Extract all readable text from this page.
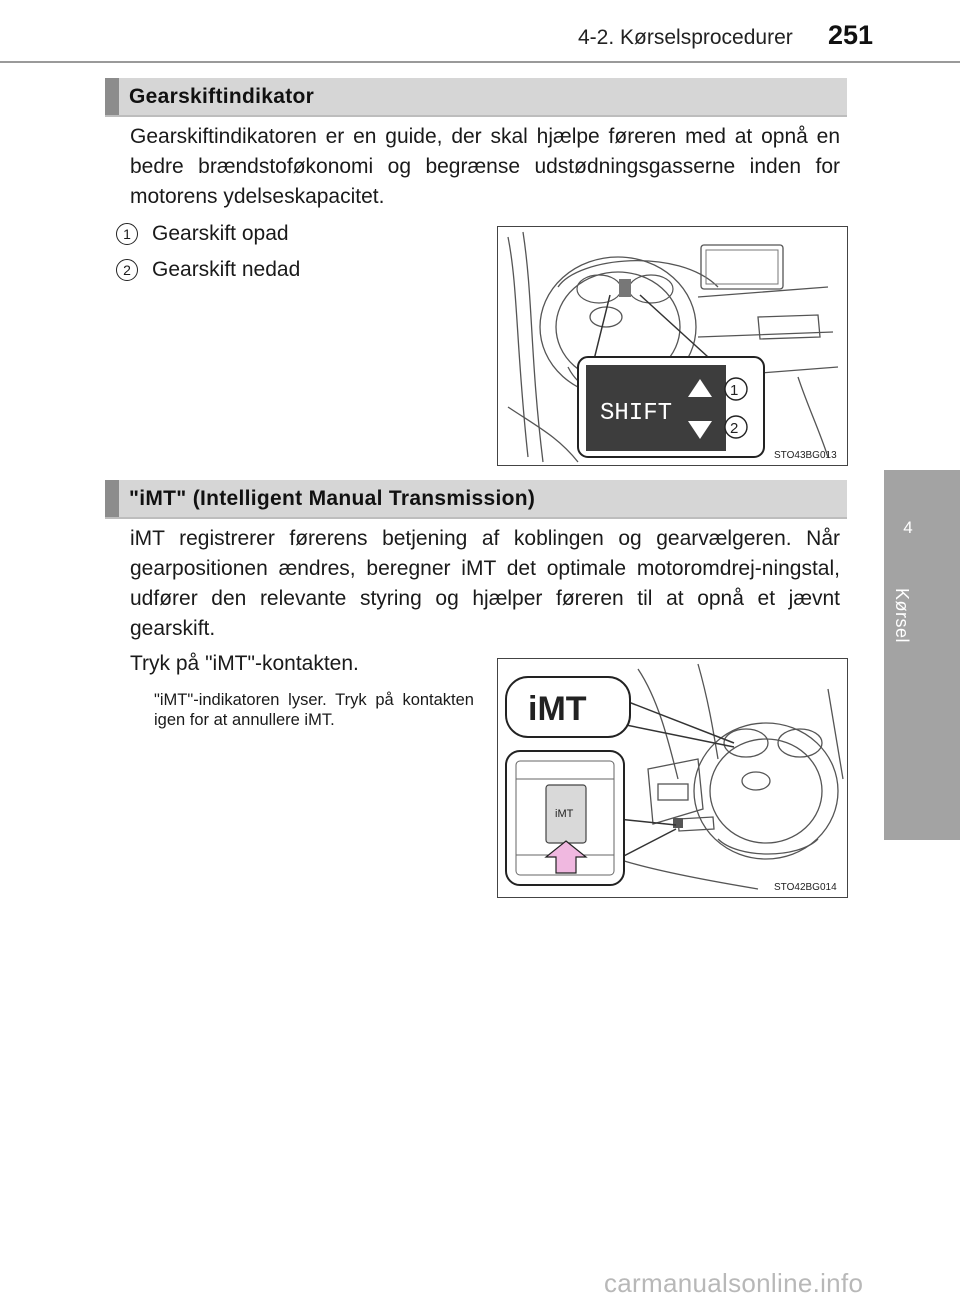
4-2. Kørselsprocedurer 251
4
Kørsel
Gearskiftindikator
Gearskiftindikatoren er en guide, der skal hjælpe føreren med at opnå en bedre brændstoføkonomi og begrænse udstødningsgasserne inden for motorens ydelseskapacitet.
1 Gearskift opad
2 Gearskift nedad
SHIFT
1
2
STO43BG013
"iMT" (Intelligent Manual Transmission)
iMT registrerer førerens betjening af koblingen og gearvælgeren. Når gearpositionen ændres, beregner iMT det optimale motoromdrej-ningstal, udfører den relevante styring og hjælper føreren til at opnå et jævnt gearskift.
Tryk på "iMT"-kontakten.
"iMT"-indikatoren lyser. Tryk på kontakten igen for at annullere iMT.	iMT
iMT
STO42BG014
carmanualsonline.info
